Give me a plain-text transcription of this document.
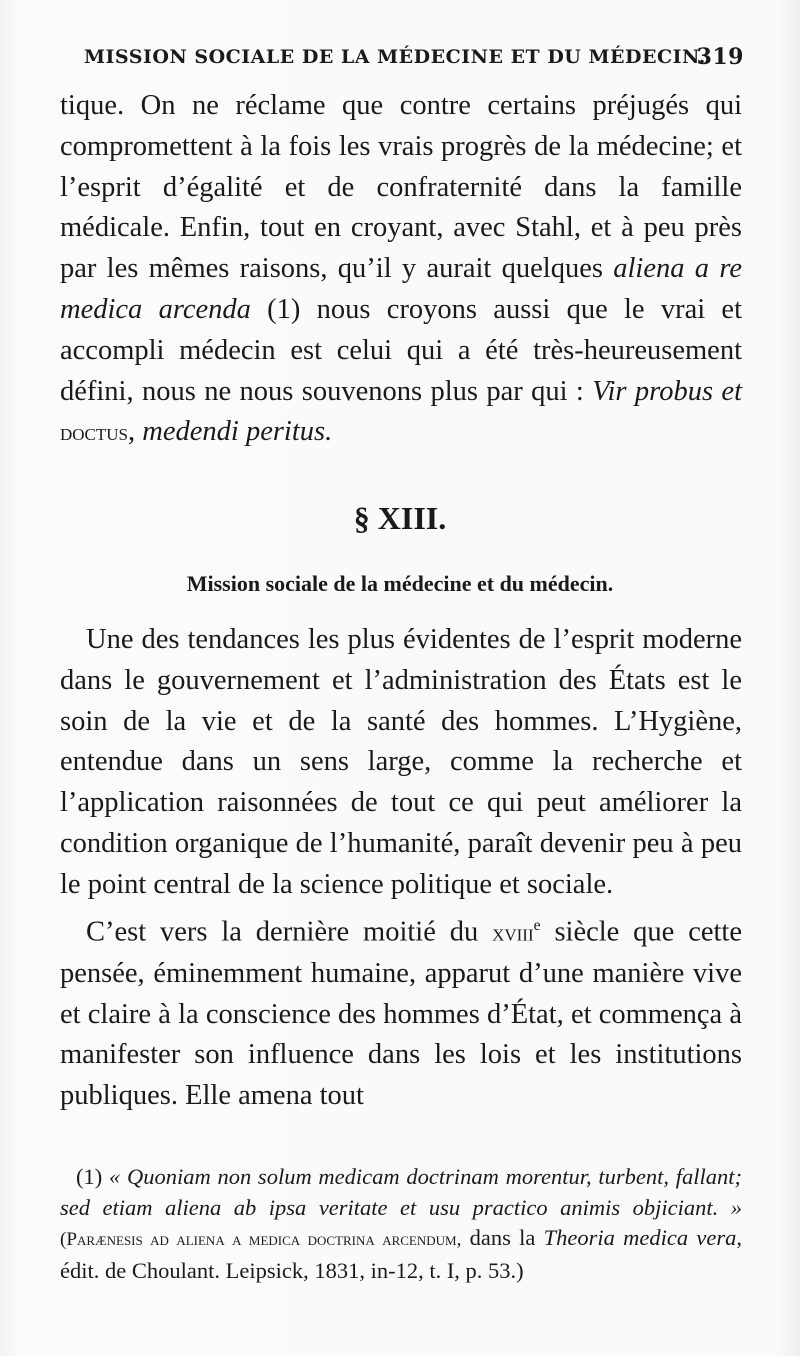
MISSION SOCIALE DE LA MÉDECINE ET DU MÉDECIN.
319

tique. On ne réclame que contre certains préjugés qui compromettent à la fois les vrais progrès de la médecine; et l’esprit d’égalité et de confraternité dans la famille médicale. Enfin, tout en croyant, avec Stahl, et à peu près par les mêmes raisons, qu’il y aurait quelques aliena a re medica arcenda (1) nous croyons aussi que le vrai et accompli médecin est celui qui a été très-heureusement défini, nous ne nous souvenons plus par qui : Vir probus et doctus, medendi peritus.

§ XIII.
Mission sociale de la médecine et du médecin.

Une des tendances les plus évidentes de l’esprit moderne dans le gouvernement et l’administration des États est le soin de la vie et de la santé des hommes. L’Hygiène, entendue dans un sens large, comme la recherche et l’application raisonnées de tout ce qui peut améliorer la condition organique de l’humanité, paraît devenir peu à peu le point central de la science politique et sociale.

C’est vers la dernière moitié du xviii$^e$ siècle que cette pensée, éminemment humaine, apparut d’une manière vive et claire à la conscience des hommes d’État, et commença à manifester son influence dans les lois et les institutions publiques. Elle amena tout

(1) « Quoniam non solum medicam doctrinam morentur, turbent, fallant; sed etiam aliena ab ipsa veritate et usu practico animis objiciant. » (Parænesis ad aliena a medica doctrina arcendum, dans la Theoria medica vera, édit. de Choulant. Leipsick, 1831, in-12, t. I, p. 53.)
